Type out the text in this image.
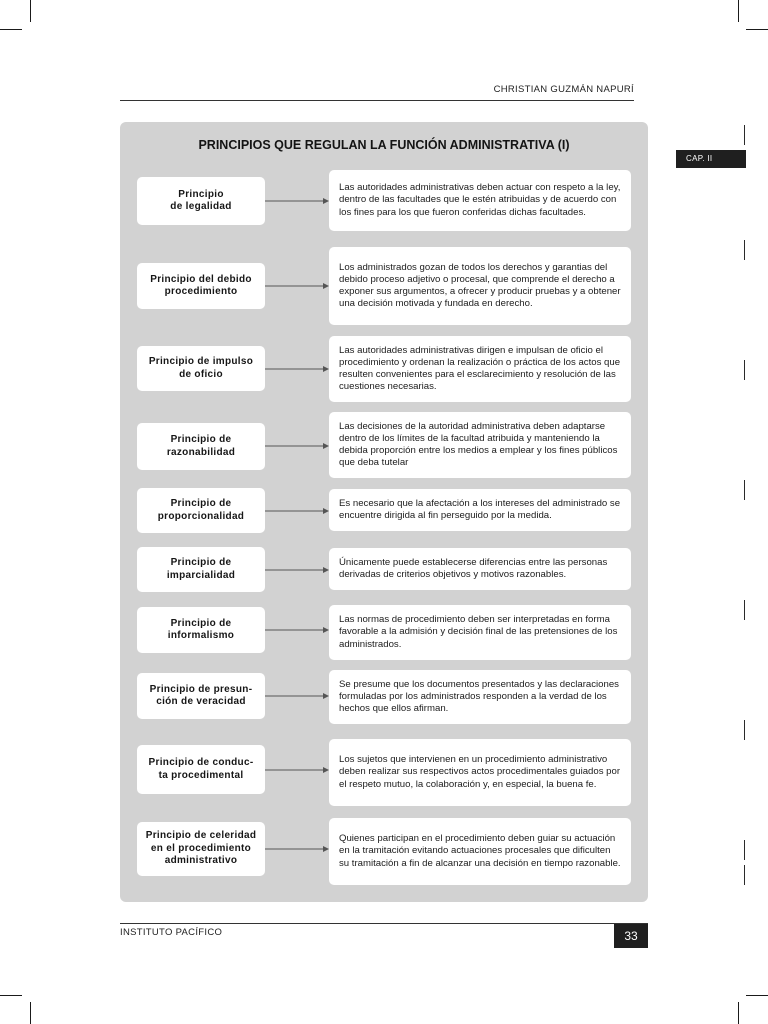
CHRISTIAN GUZMÁN NAPURÍ
CAP. II
PRINCIPIOS QUE REGULAN LA FUNCIÓN ADMINISTRATIVA (I)
Principio
de legalidad
Las autoridades administrativas deben actuar con respeto a la ley, dentro de las facultades que le estén atribuidas y de acuerdo con los fines para los que fueron conferidas dichas facultades.
Principio del debido
procedimiento
Los administrados gozan de todos los derechos y garantias del debido proceso adjetivo o procesal, que comprende el derecho a exponer sus argumentos, a ofrecer y producir pruebas y a obtener una decisión motivada y fundada en derecho.
Principio de impulso
de oficio
Las autoridades administrativas dirigen e impulsan de oficio el procedimiento y ordenan la realización o práctica de los actos que resulten convenientes para el esclarecimiento y resolución de las cuestiones necesarias.
Principio de
razonabilidad
Las decisiones de la autoridad administrativa deben adaptarse dentro de los límites de la facultad atribuida y manteniendo la debida proporción entre los medios a emplear y los fines públicos que deba tutelar
Principio de
proporcionalidad
Es necesario que la afectación a los intereses del administrado se encuentre dirigida al fin perseguido por la medida.
Principio de
imparcialidad
Únicamente puede establecerse diferencias entre las personas derivadas de criterios objetivos y motivos razonables.
Principio de
informalismo
Las normas de procedimiento deben ser interpretadas en forma favorable a la admisión y decisión final de las pretensiones de los administrados.
Principio de presun-
ción de veracidad
Se presume que los documentos presentados y las declaraciones formuladas por los administrados responden a la verdad de los hechos que ellos afirman.
Principio de conduc-
ta procedimental
Los sujetos que intervienen en un procedimiento administrativo deben realizar sus respectivos actos procedimentales guiados por el respeto mutuo, la colaboración y, en especial, la buena fe.
Principio de celeridad
en el procedimiento
administrativo
Quienes participan en el procedimiento deben guiar su actuación en la tramitación evitando actuaciones procesales que dificulten su tramitación a fin de alcanzar una decisión en tiempo razonable.
INSTITUTO PACÍFICO	33
